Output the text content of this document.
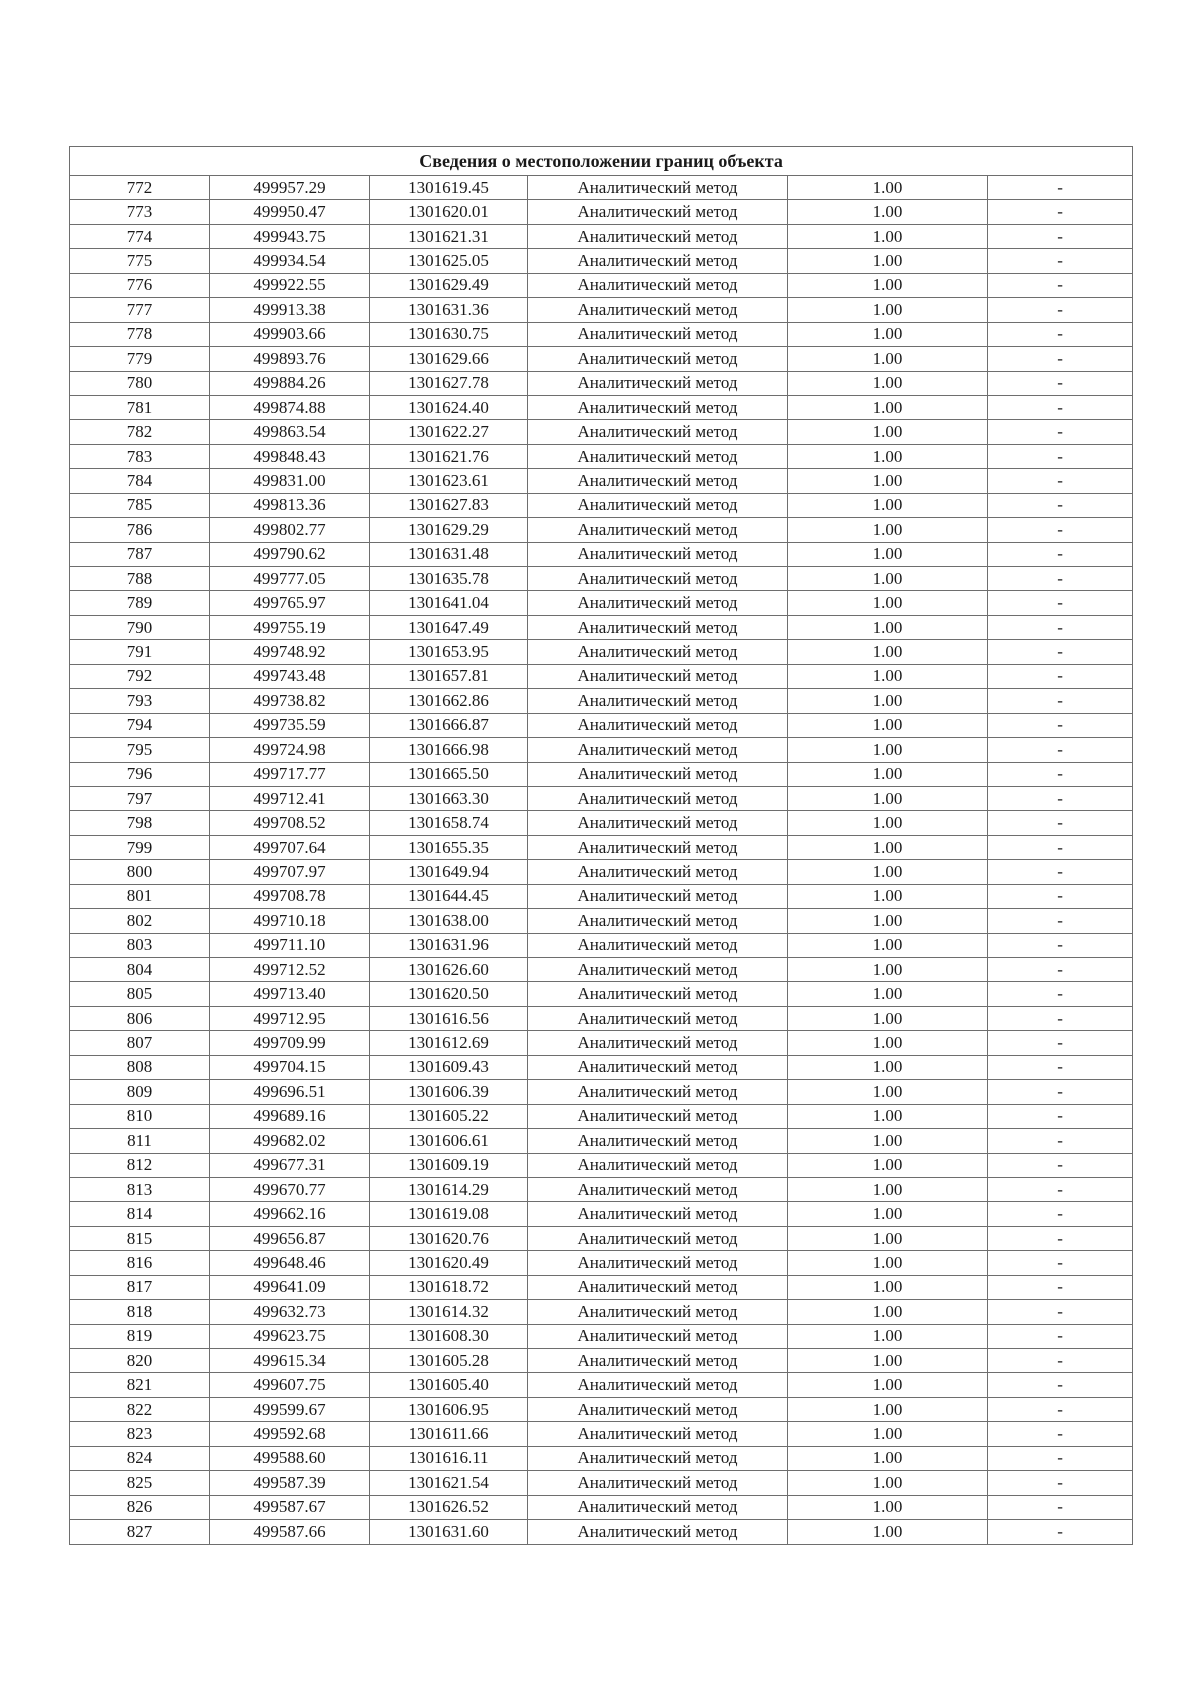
Сведения о местоположении границ объекта					
772	499957.29	1301619.45	Аналитический метод	1.00	-
773	499950.47	1301620.01	Аналитический метод	1.00	-
774	499943.75	1301621.31	Аналитический метод	1.00	-
775	499934.54	1301625.05	Аналитический метод	1.00	-
776	499922.55	1301629.49	Аналитический метод	1.00	-
777	499913.38	1301631.36	Аналитический метод	1.00	-
778	499903.66	1301630.75	Аналитический метод	1.00	-
779	499893.76	1301629.66	Аналитический метод	1.00	-
780	499884.26	1301627.78	Аналитический метод	1.00	-
781	499874.88	1301624.40	Аналитический метод	1.00	-
782	499863.54	1301622.27	Аналитический метод	1.00	-
783	499848.43	1301621.76	Аналитический метод	1.00	-
784	499831.00	1301623.61	Аналитический метод	1.00	-
785	499813.36	1301627.83	Аналитический метод	1.00	-
786	499802.77	1301629.29	Аналитический метод	1.00	-
787	499790.62	1301631.48	Аналитический метод	1.00	-
788	499777.05	1301635.78	Аналитический метод	1.00	-
789	499765.97	1301641.04	Аналитический метод	1.00	-
790	499755.19	1301647.49	Аналитический метод	1.00	-
791	499748.92	1301653.95	Аналитический метод	1.00	-
792	499743.48	1301657.81	Аналитический метод	1.00	-
793	499738.82	1301662.86	Аналитический метод	1.00	-
794	499735.59	1301666.87	Аналитический метод	1.00	-
795	499724.98	1301666.98	Аналитический метод	1.00	-
796	499717.77	1301665.50	Аналитический метод	1.00	-
797	499712.41	1301663.30	Аналитический метод	1.00	-
798	499708.52	1301658.74	Аналитический метод	1.00	-
799	499707.64	1301655.35	Аналитический метод	1.00	-
800	499707.97	1301649.94	Аналитический метод	1.00	-
801	499708.78	1301644.45	Аналитический метод	1.00	-
802	499710.18	1301638.00	Аналитический метод	1.00	-
803	499711.10	1301631.96	Аналитический метод	1.00	-
804	499712.52	1301626.60	Аналитический метод	1.00	-
805	499713.40	1301620.50	Аналитический метод	1.00	-
806	499712.95	1301616.56	Аналитический метод	1.00	-
807	499709.99	1301612.69	Аналитический метод	1.00	-
808	499704.15	1301609.43	Аналитический метод	1.00	-
809	499696.51	1301606.39	Аналитический метод	1.00	-
810	499689.16	1301605.22	Аналитический метод	1.00	-
811	499682.02	1301606.61	Аналитический метод	1.00	-
812	499677.31	1301609.19	Аналитический метод	1.00	-
813	499670.77	1301614.29	Аналитический метод	1.00	-
814	499662.16	1301619.08	Аналитический метод	1.00	-
815	499656.87	1301620.76	Аналитический метод	1.00	-
816	499648.46	1301620.49	Аналитический метод	1.00	-
817	499641.09	1301618.72	Аналитический метод	1.00	-
818	499632.73	1301614.32	Аналитический метод	1.00	-
819	499623.75	1301608.30	Аналитический метод	1.00	-
820	499615.34	1301605.28	Аналитический метод	1.00	-
821	499607.75	1301605.40	Аналитический метод	1.00	-
822	499599.67	1301606.95	Аналитический метод	1.00	-
823	499592.68	1301611.66	Аналитический метод	1.00	-
824	499588.60	1301616.11	Аналитический метод	1.00	-
825	499587.39	1301621.54	Аналитический метод	1.00	-
826	499587.67	1301626.52	Аналитический метод	1.00	-
827	499587.66	1301631.60	Аналитический метод	1.00	-
